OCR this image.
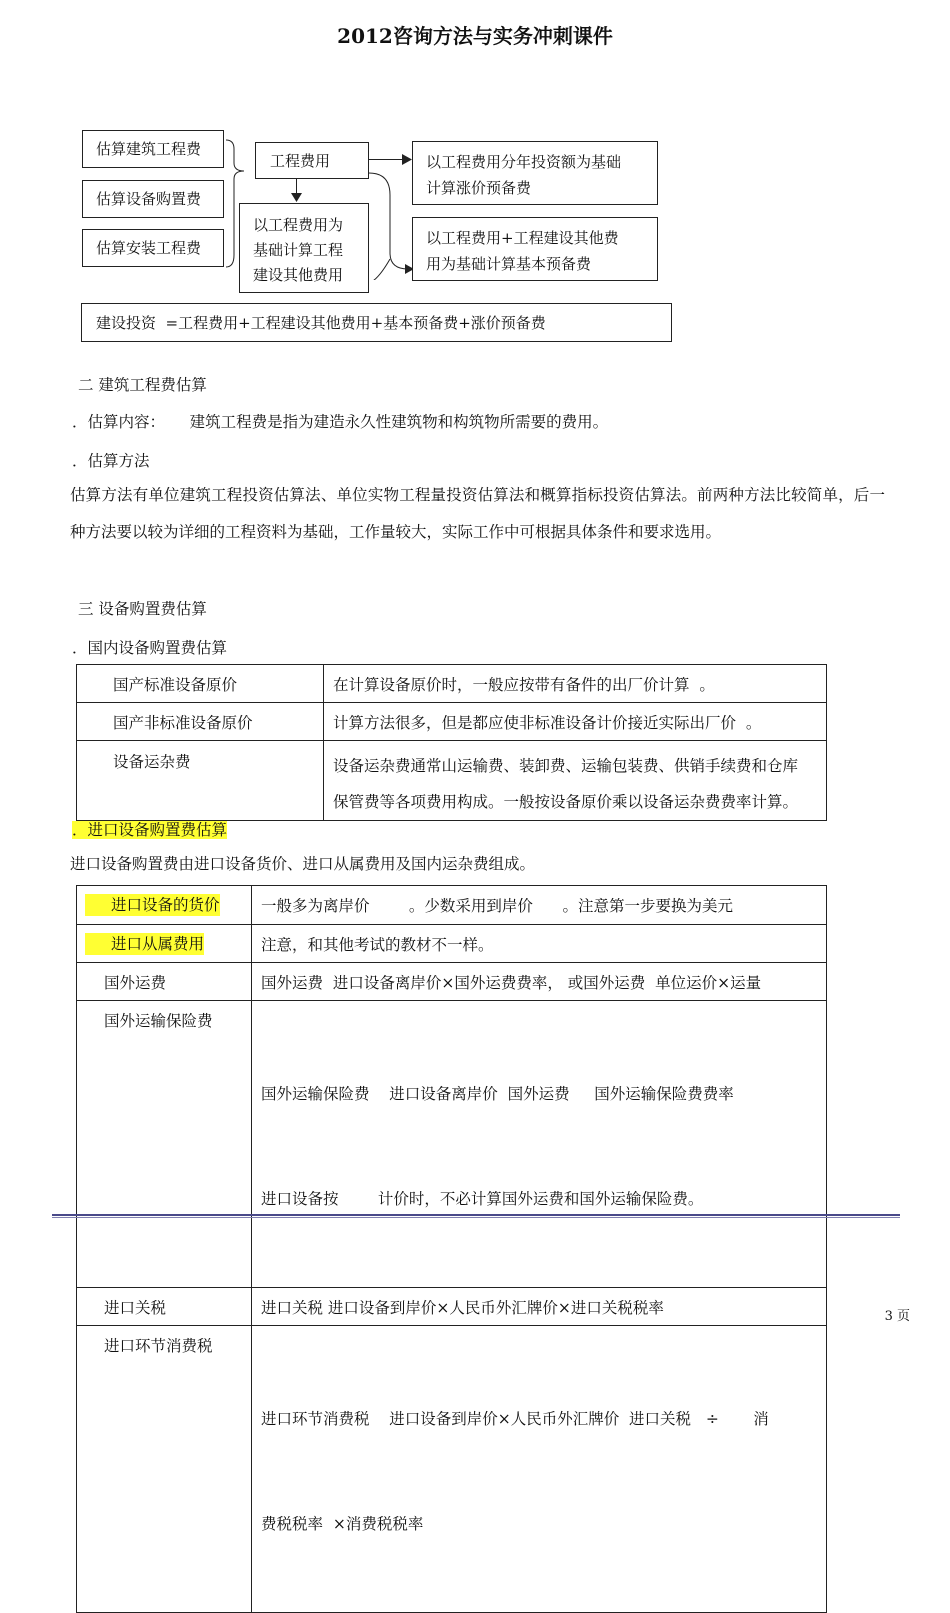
2012咨询方法与实务冲刺课件
估算建筑工程费
估算设备购置费
估算安装工程费
工程费用
以工程费用为
基础计算工程
建设其他费用
以工程费用分年投资额为基础
计算涨价预备费
以工程费用+工程建设其他费
用为基础计算基本预备费
建设投资  =工程费用+工程建设其他费用+基本预备费+涨价预备费
二 建筑工程费估算
．估算内容：     建筑工程费是指为建造永久性建筑物和构筑物所需要的费用。
．估算方法
估算方法有单位建筑工程投资估算法、单位实物工程量投资估算法和概算指标投资估算法。前两种方法比较简单，后一种方法要以较为详细的工程资料为基础，工作量较大，实际工作中可根据具体条件和要求选用。
三 设备购置费估算
．国内设备购置费估算
国产标准设备原价	在计算设备原价时，一般应按带有备件的出厂价计算  。

国产非标准设备原价	计算方法很多，但是都应使非标准设备计价接近实际出厂价  。

设备运杂费	设备运杂费通常山运输费、装卸费、运输包装费、供销手续费和仓库
保管费等各项费用构成。一般按设备原价乘以设备运杂费费率计算。
．进口设备购置费估算
进口设备购置费由进口设备货价、进口从属费用及国内运杂费组成。
进口设备的货价	一般多为离岸价        。少数采用到岸价      。注意第一步要换为美元

进口从属费用	注意，和其他考试的教材不一样。

国外运费	国外运费  进口设备离岸价×国外运费费率， 或国外运费  单位运价×运量

国外运输保险费	国外运输保险费    进口设备离岸价  国外运费     国外运输保险费费率

进口设备按        计价时，不必计算国外运费和国外运输保险费。

进口关税	进口关税 进口设备到岸价×人民币外汇牌价×进口关税税率

进口环节消费税	进口环节消费税    进口设备到岸价×人民币外汇牌价  进口关税   ÷       消

费税税率  ×消费税税率

3 页
